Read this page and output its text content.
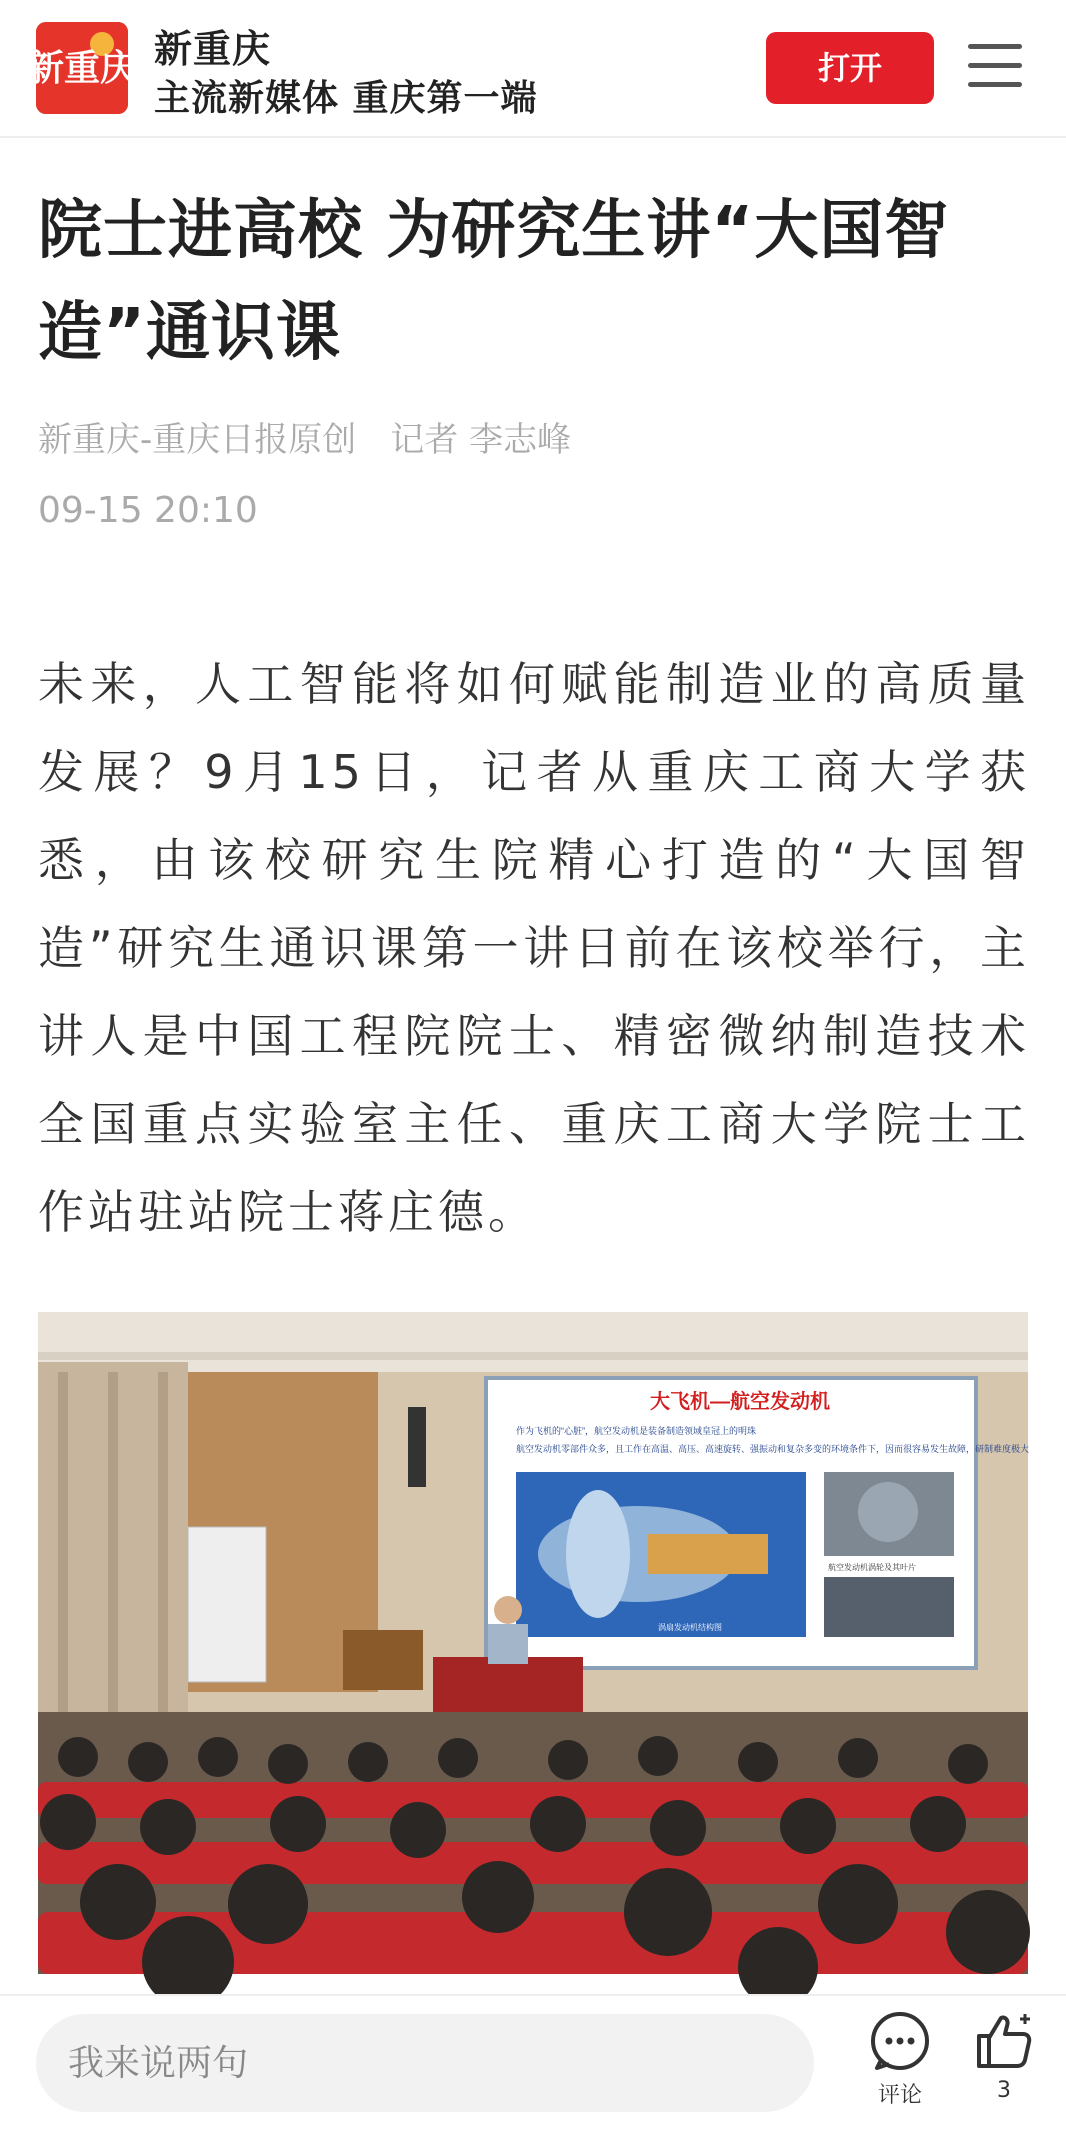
新重庆 新重庆
主流新媒体 重庆第一端
打开
院士进高校 为研究生讲“大国智造”通识课
新重庆-重庆日报原创　记者 李志峰
09-15 20:10
未来，人工智能将如何赋能制造业的高质量发展？9月15日，记者从重庆工商大学获悉，由该校研究生院精心打造的“大国智造”研究生通识课第一讲日前在该校举行，主讲人是中国工程院院士、精密微纳制造技术全国重点实验室主任、重庆工商大学院士工作站驻站院士蒋庄德。
大飞机—航空发动机
作为飞机的“心脏”，航空发动机是装备制造领域皇冠上的明珠
航空发动机零部件众多，且工作在高温、高压、高速旋转、强振动和复杂多变的环境条件下，因而很容易发生故障，研制难度极大
涡扇发动机结构图
航空发动机涡轮及其叶片
我来说两句
评论	3
